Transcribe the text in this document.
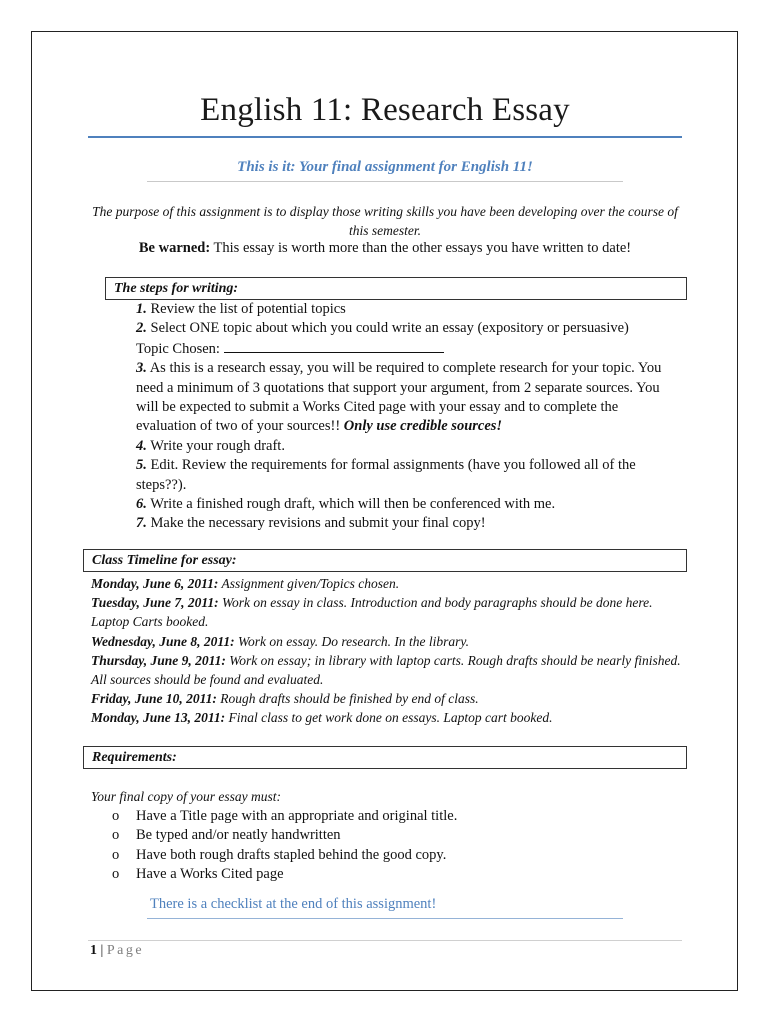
English 11: Research Essay
This is it: Your final assignment for English 11!
The purpose of this assignment is to display those writing skills you have been developing over the course of this semester.
Be warned: This essay is worth more than the other essays you have written to date!
The steps for writing:

1. Review the list of potential topics

2. Select ONE topic about which you could write an essay (expository or persuasive)

Topic Chosen:

3. As this is a research essay, you will be required to complete research for your topic. You need a minimum of 3 quotations that support your argument, from 2 separate sources. You will be expected to submit a Works Cited page with your essay and to complete the evaluation of two of your sources!! Only use credible sources!

4. Write your rough draft.

5. Edit. Review the requirements for formal assignments (have you followed all of the steps??).

6. Write a finished rough draft, which will then be conferenced with me.

7. Make the necessary revisions and submit your final copy!

Class Timeline for essay:

Monday, June 6, 2011: Assignment given/Topics chosen.

Tuesday, June 7, 2011: Work on essay in class. Introduction and body paragraphs should be done here. Laptop Carts booked.

Wednesday, June 8, 2011: Work on essay. Do research. In the library.

Thursday, June 9, 2011: Work on essay; in library with laptop carts. Rough drafts should be nearly finished. All sources should be found and evaluated.

Friday, June 10, 2011: Rough drafts should be finished by end of class.

Monday, June 13, 2011: Final class to get work done on essays. Laptop cart booked.

Requirements:
Your final copy of your essay must:
o Have a Title page with an appropriate and original title.
o Be typed and/or neatly handwritten
o Have both rough drafts stapled behind the good copy.
o Have a Works Cited page
There is a checklist at the end of this assignment!
1 | Page
